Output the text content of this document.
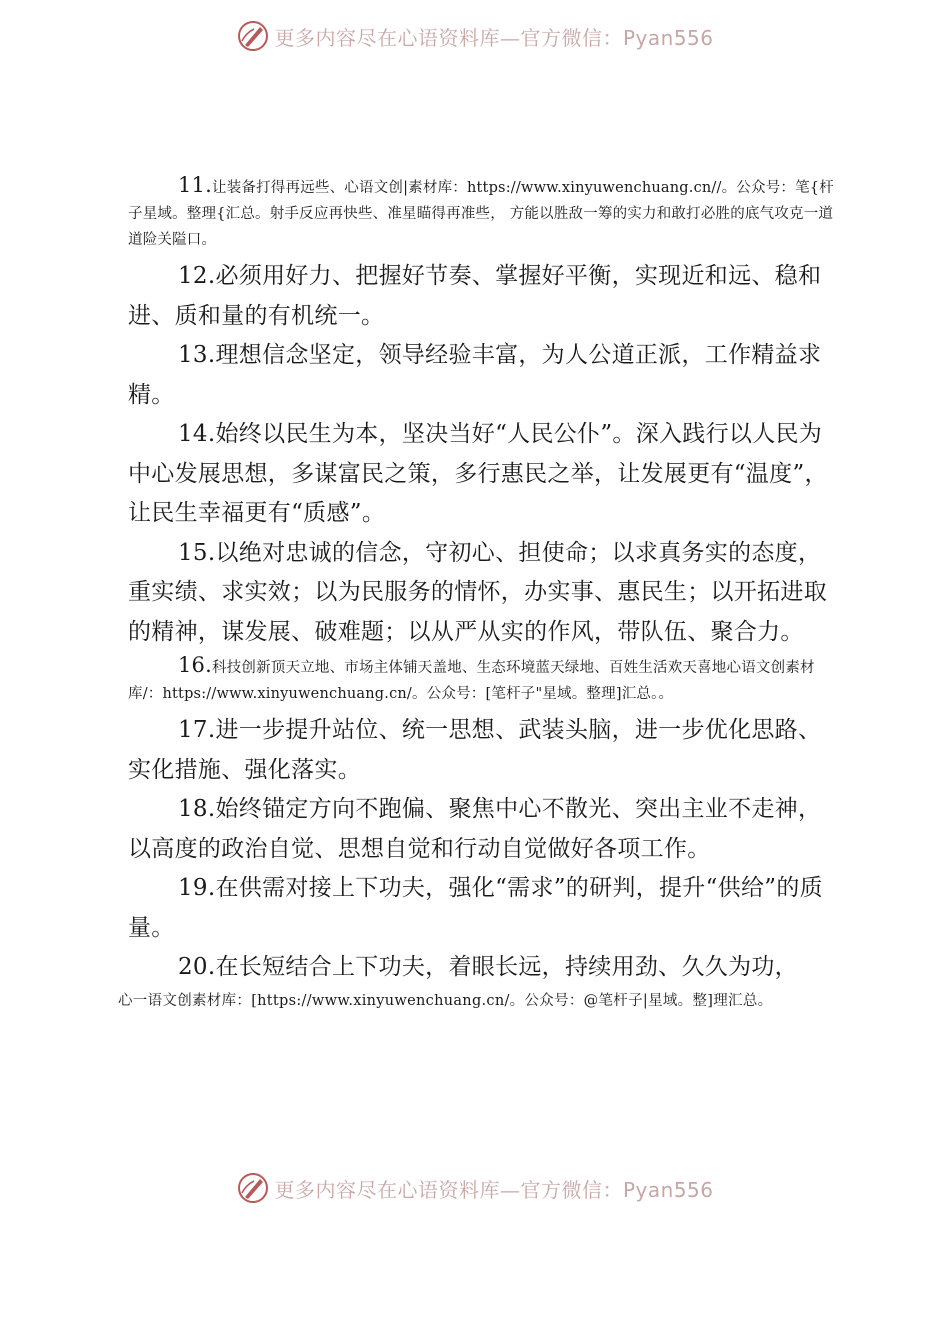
更多内容尽在心语资料库—官方微信：Pyan556

11.让装备打得再远些、心语文创|素材库：https://www.xinyuwenchuang.cn//。公众号：笔{杆子星域。整理{汇总。射手反应再快些、准星瞄得再准些， 方能以胜敌一筹的实力和敢打必胜的底气攻克一道道险关隘口。

12.必须用好力、把握好节奏、掌握好平衡，实现近和远、稳和进、质和量的有机统一。

13.理想信念坚定，领导经验丰富，为人公道正派，工作精益求精。

14.始终以民生为本，坚决当好“人民公仆”。深入践行以人民为中心发展思想，多谋富民之策，多行惠民之举，让发展更有“温度”，让民生幸福更有“质感”。

15.以绝对忠诚的信念，守初心、担使命；以求真务实的态度，重实绩、求实效；以为民服务的情怀，办实事、惠民生；以开拓进取的精神，谋发展、破难题；以从严从实的作风，带队伍、聚合力。

16.科技创新顶天立地、市场主体铺天盖地、生态环境蓝天绿地、百姓生活欢天喜地心语文创素材库/：https://www.xinyuwenchuang.cn/。公众号：[笔杆子"星域。整理]汇总。。

17.进一步提升站位、统一思想、武装头脑，进一步优化思路、实化措施、强化落实。

18.始终锚定方向不跑偏、聚焦中心不散光、突出主业不走神，以高度的政治自觉、思想自觉和行动自觉做好各项工作。

19.在供需对接上下功夫，强化“需求”的研判，提升“供给”的质量。

20.在长短结合上下功夫，着眼长远，持续用劲、久久为功，

心一语文创素材库：[https://www.xinyuwenchuang.cn/。公众号：@笔杆子|星域。整]理汇总。

更多内容尽在心语资料库—官方微信：Pyan556
